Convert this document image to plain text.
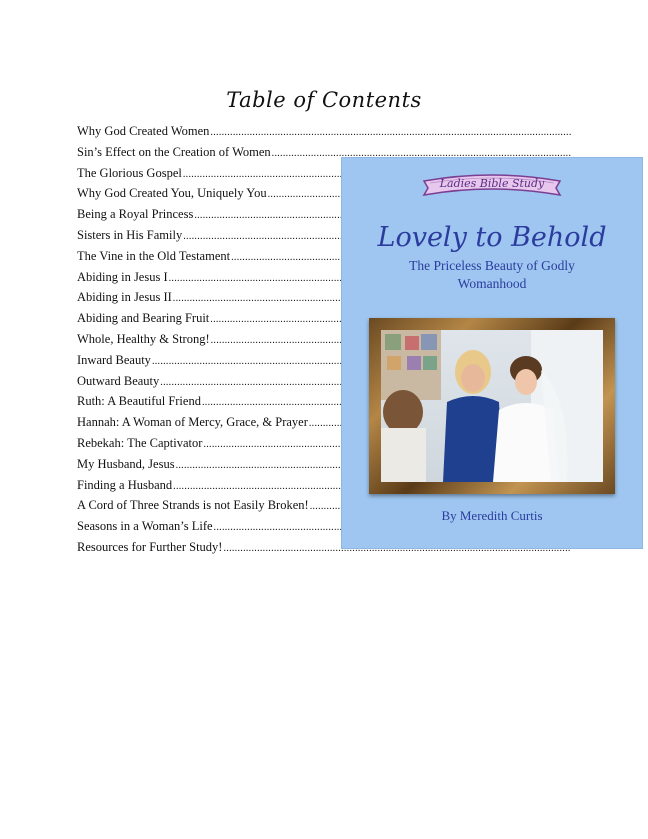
Table of Contents
Why God Created Women
.....
Sin’s Effect on the Creation of Women
.....
The Glorious Gospel
.....
Why God Created You, Uniquely You
.....
Being a Royal Princess
.....
Sisters in His Family
.....
The Vine in the Old Testament
.....
Abiding in Jesus I
.....
Abiding in Jesus II
.....
Abiding and Bearing Fruit
.....
Whole, Healthy & Strong!
.....
Inward Beauty
.....
Outward Beauty
.....
Ruth: A Beautiful Friend
.....
Hannah: A Woman of Mercy, Grace, & Prayer
.....
Rebekah: The Captivator
.....
My Husband, Jesus
.....
Finding a Husband
.....
A Cord of Three Strands is not Easily Broken!
.....
Seasons in a Woman’s Life
.....
Resources for Further Study!
.....
Ladies Bible Study
Lovely to Behold
The Priceless Beauty of Godly Womanhood
By Meredith Curtis
